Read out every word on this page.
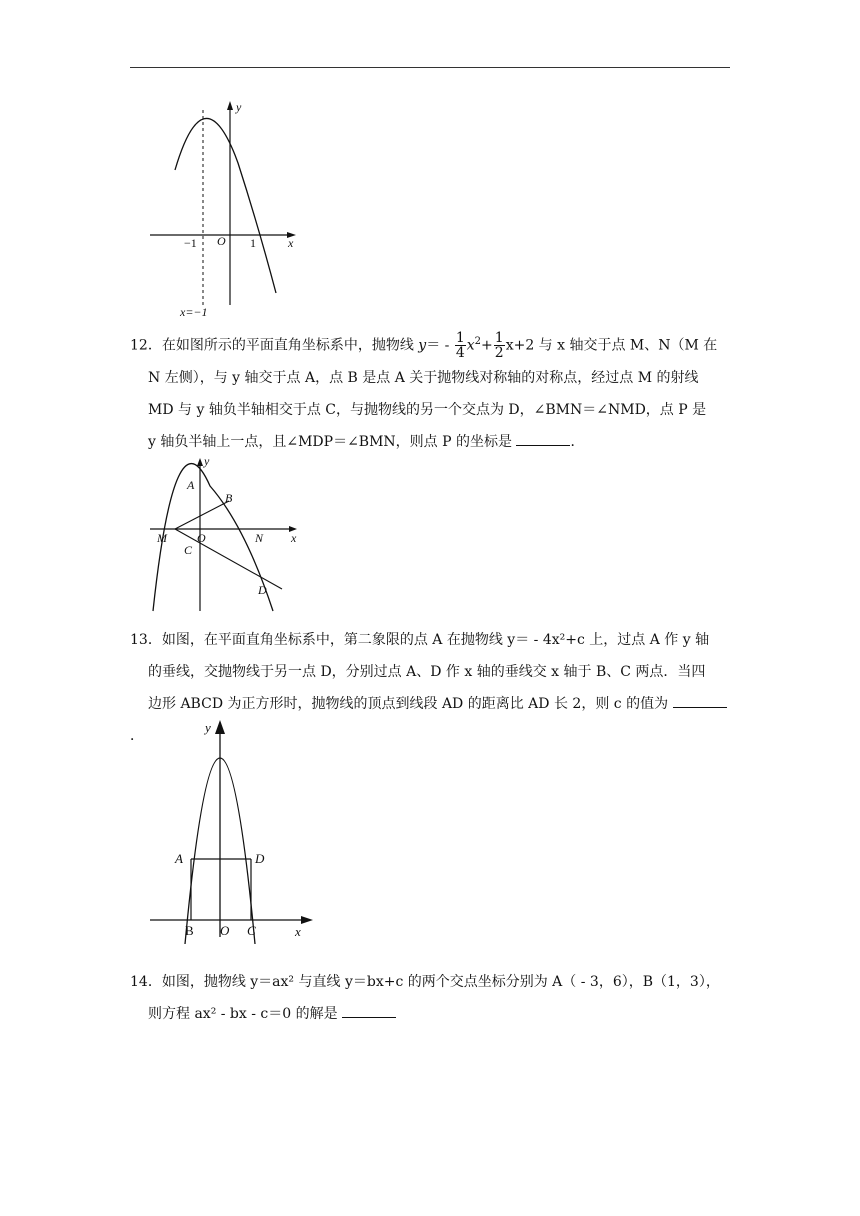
−1 O 1	x
y
x=−1

12．在如图所示的平面直角坐标系中，抛物线 $y= - \frac{1}{4} x^2+ \frac{1}{2} x+2$ 与 x 轴交于点 M、N（M 在

N 左侧），与 y 轴交于点 A，点 B 是点 A 关于抛物线对称轴的对称点，经过点 M 的射线

MD 与 y 轴负半轴相交于点 C，与抛物线的另一个交点为 D，∠BMN＝∠NMD，点 P 是

y 轴负半轴上一点，且∠MDP＝∠BMN，则点 P 的坐标是	．

y
A
B
M	O	N x
C
D

13．如图，在平面直角坐标系中，第二象限的点 A 在抛物线 y＝ - 4x²+c 上，过点 A 作 y 轴

的垂线，交抛物线于另一点 D，分别过点 A、D 作 x 轴的垂线交 x 轴于 B、C 两点．当四

边形 ABCD 为正方形时，抛物线的顶点到线段 AD 的距离比 AD 长 2，则 c 的值为 ．

y
A	D
B O C	x

14．如图，抛物线 y＝ax² 与直线 y＝bx+c 的两个交点坐标分别为 A（ - 3，6），B（1，3），

则方程 ax² - bx - c＝0 的解是
